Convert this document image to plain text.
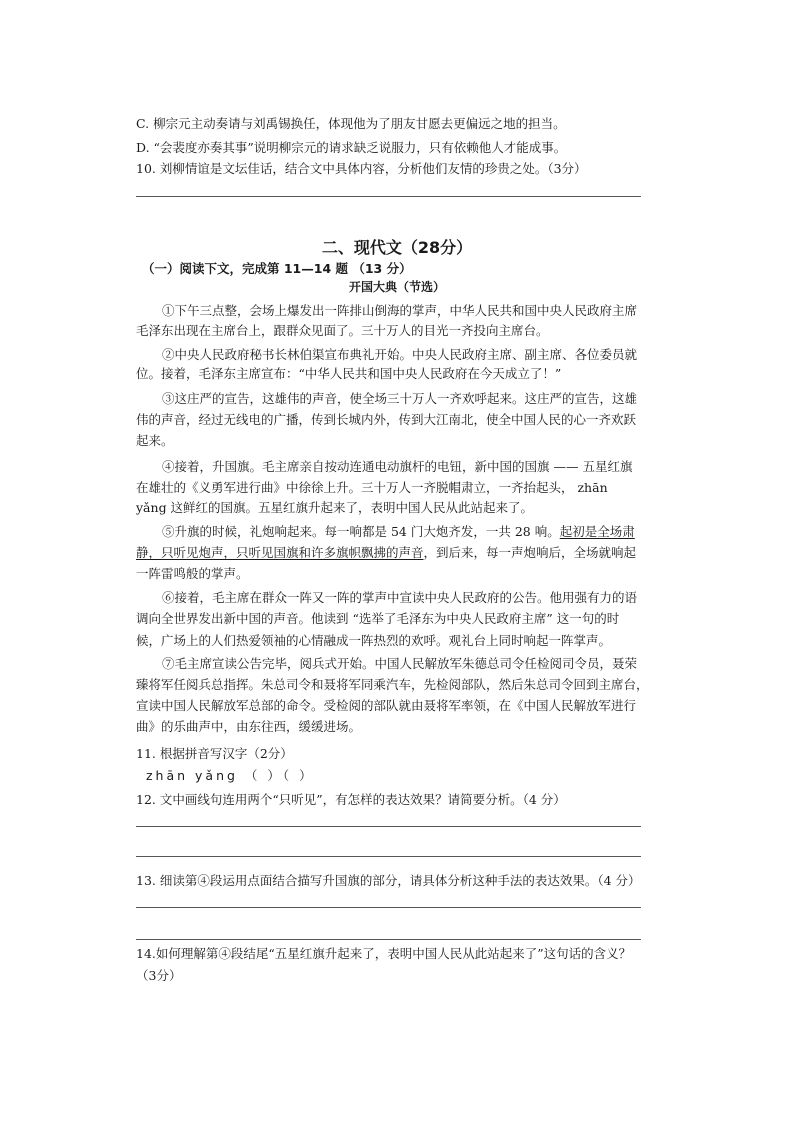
C. 柳宗元主动奏请与刘禹锡换任，体现他为了朋友甘愿去更偏远之地的担当。
D. “会裴度亦奏其事”说明柳宗元的请求缺乏说服力，只有依赖他人才能成事。
10. 刘柳情谊是文坛佳话，结合文中具体内容，分析他们友情的珍贵之处。（3分）
二、现代文（28分）
（一）阅读下文，完成第 11—14 题 （13 分）
开国大典（节选）
①下午三点整，会场上爆发出一阵排山倒海的掌声，中华人民共和国中央人民政府主席
毛泽东出现在主席台上，跟群众见面了。三十万人的目光一齐投向主席台。
②中央人民政府秘书长林伯渠宣布典礼开始。中央人民政府主席、副主席、各位委员就
位。接着，毛泽东主席宣布：“中华人民共和国中央人民政府在今天成立了！”
③这庄严的宣告，这雄伟的声音，使全场三十万人一齐欢呼起来。这庄严的宣告，这雄
伟的声音，经过无线电的广播，传到长城内外，传到大江南北，使全中国人民的心一齐欢跃
起来。
④接着，升国旗。毛主席亲自按动连通电动旗杆的电钮，新中国的国旗 —— 五星红旗
在雄壮的《义勇军进行曲》中徐徐上升。三十万人一齐脱帽肃立，一齐抬起头， zhān
yǎng 这鲜红的国旗。五星红旗升起来了，表明中国人民从此站起来了。
⑤升旗的时候，礼炮响起来。每一响都是 54 门大炮齐发，一共 28 响。起初是全场肃
静，只听见炮声，只听见国旗和许多旗帜飘拂的声音，到后来，每一声炮响后，全场就响起
一阵雷鸣般的掌声。
⑥接着，毛主席在群众一阵又一阵的掌声中宣读中央人民政府的公告。他用强有力的语
调向全世界发出新中国的声音。他读到 “选举了毛泽东为中央人民政府主席” 这一句的时
候，广场上的人们热爱领袖的心情融成一阵热烈的欢呼。观礼台上同时响起一阵掌声。
⑦毛主席宣读公告完毕，阅兵式开始。中国人民解放军朱德总司令任检阅司令员，聂荣
臻将军任阅兵总指挥。朱总司令和聂将军同乘汽车，先检阅部队，然后朱总司令回到主席台，
宣读中国人民解放军总部的命令。受检阅的部队就由聂将军率领，在《中国人民解放军进行
曲》的乐曲声中，由东往西，缓缓进场。
11. 根据拼音写汉字（2分）
zhān yǎng （ ）（ ）
12. 文中画线句连用两个“只听见”，有怎样的表达效果？请简要分析。（4 分）
13. 细读第④段运用点面结合描写升国旗的部分，请具体分析这种手法的表达效果。（4 分）
14.如何理解第④段结尾“五星红旗升起来了，表明中国人民从此站起来了”这句话的含义？
（3分）
